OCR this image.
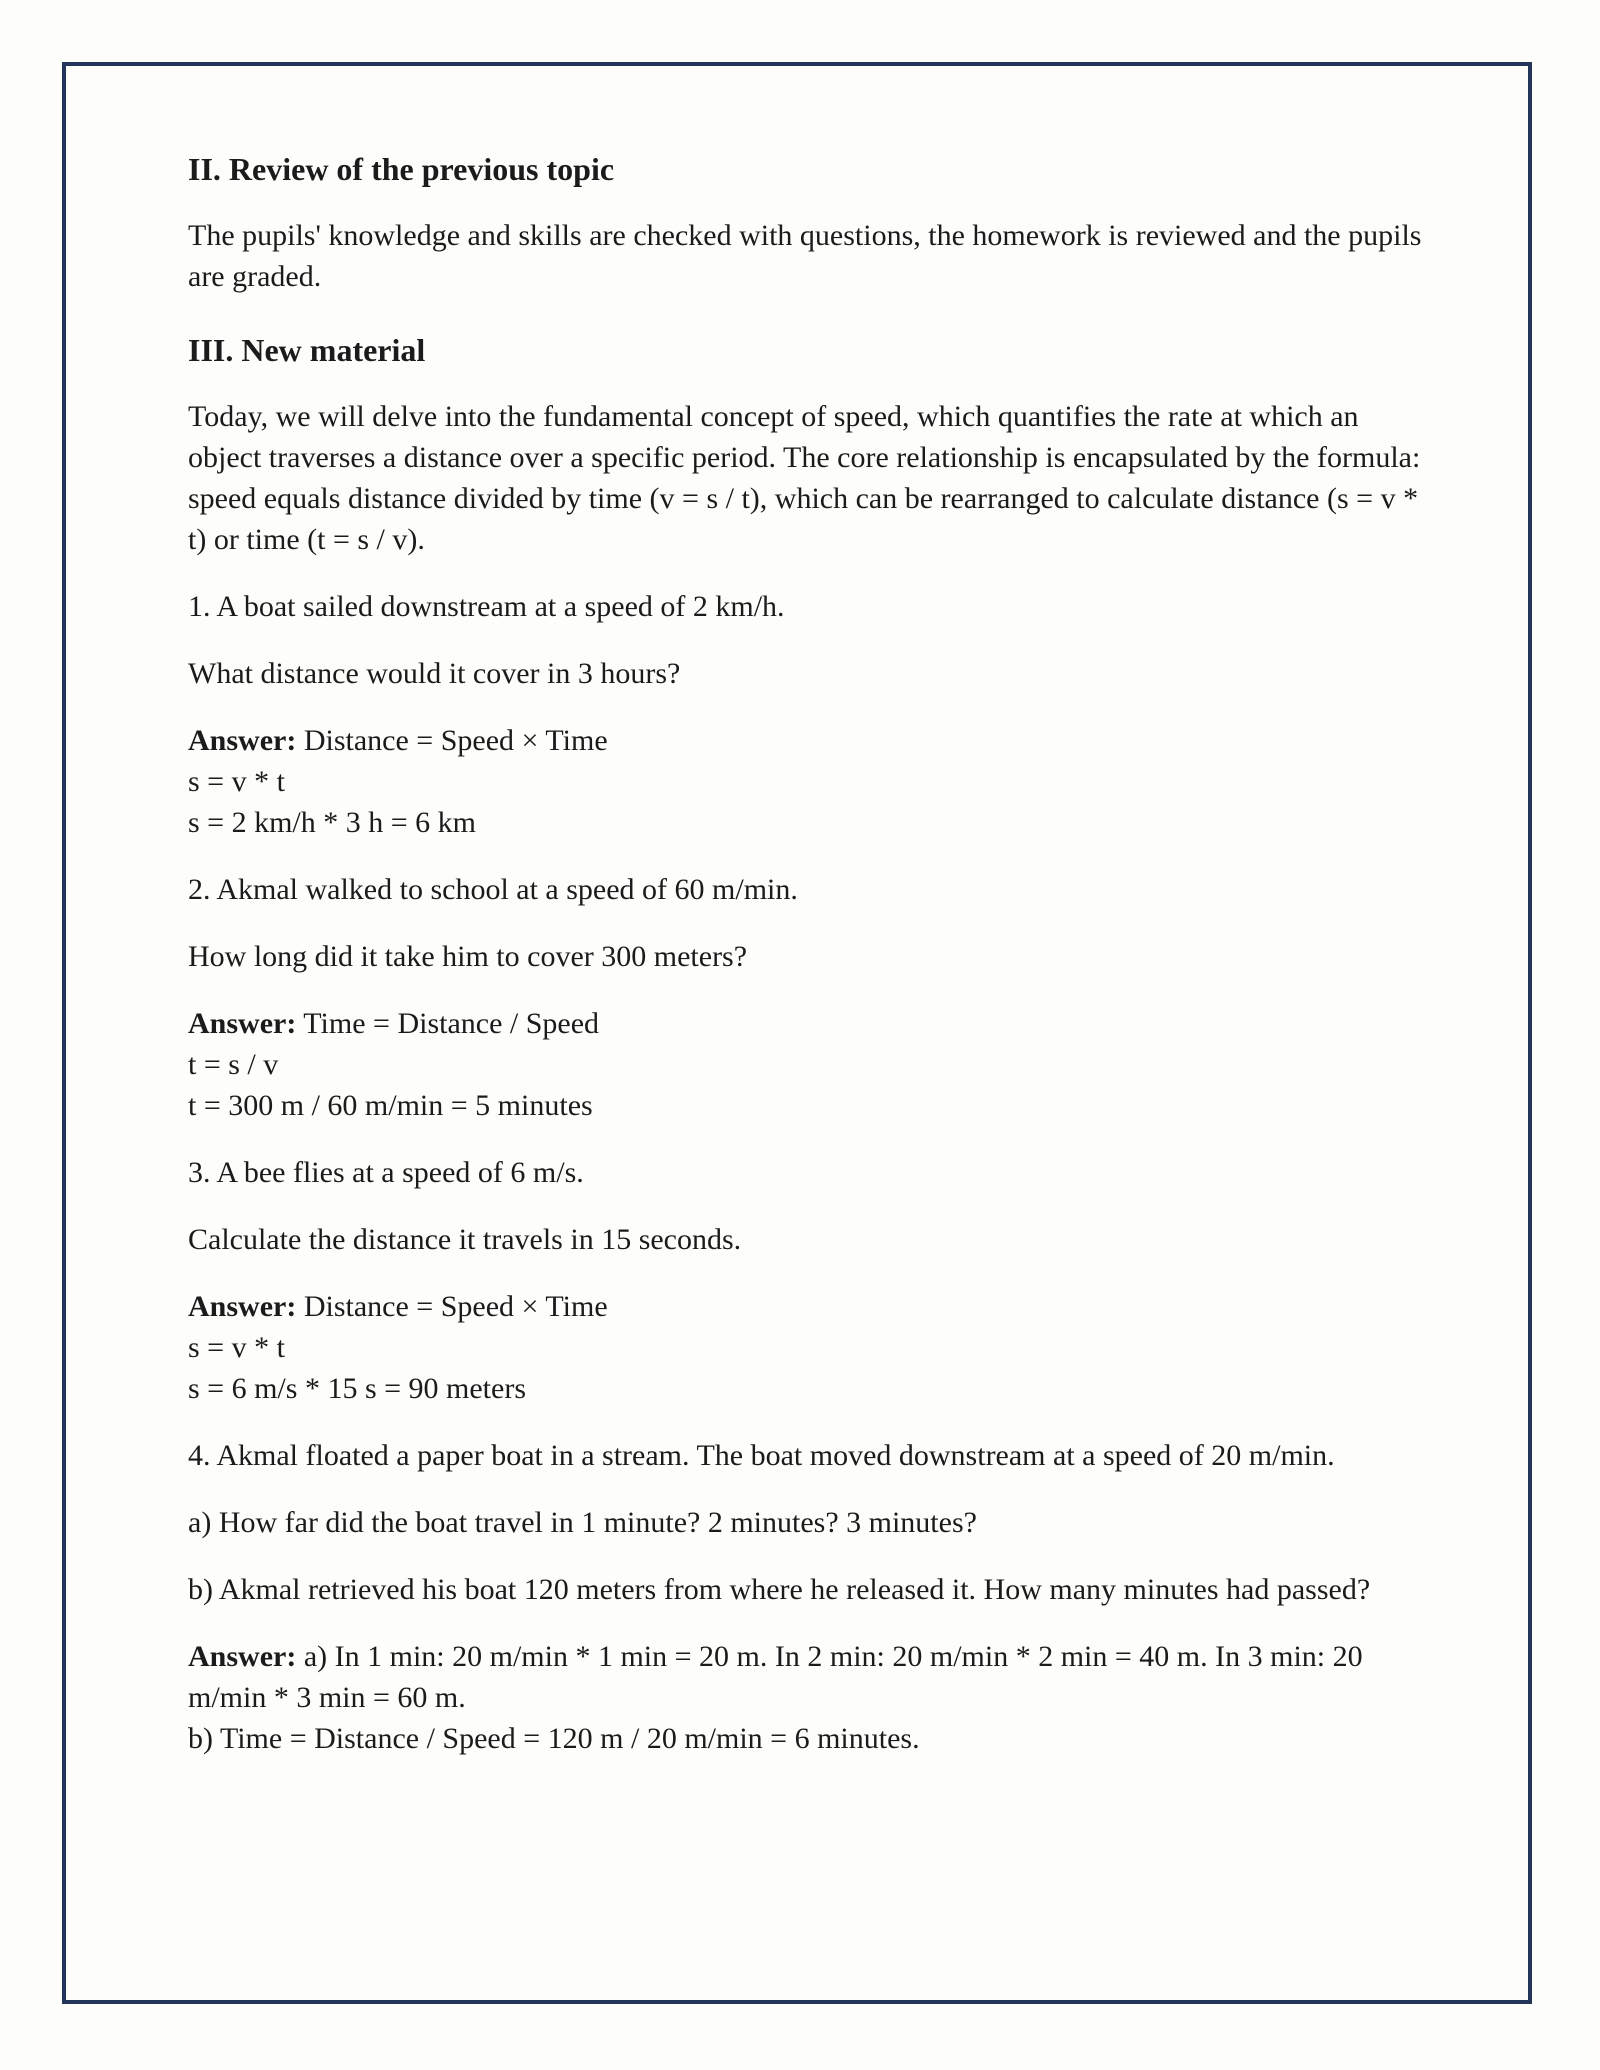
II. Review of the previous topic

The pupils' knowledge and skills are checked with questions, the homework is reviewed and the pupils are graded.

III. New material

Today, we will delve into the fundamental concept of speed, which quantifies the rate at which an object traverses a distance over a specific period. The core relationship is encapsulated by the formula: speed equals distance divided by time (v = s / t), which can be rearranged to calculate distance (s = v * t) or time (t = s / v).

1. A boat sailed downstream at a speed of 2 km/h.

What distance would it cover in 3 hours?

Answer: Distance = Speed × Time

s = v * t

s = 2 km/h * 3 h = 6 km

2. Akmal walked to school at a speed of 60 m/min.

How long did it take him to cover 300 meters?

Answer: Time = Distance / Speed

t = s / v

t = 300 m / 60 m/min = 5 minutes

3. A bee flies at a speed of 6 m/s.

Calculate the distance it travels in 15 seconds.

Answer: Distance = Speed × Time

s = v * t

s = 6 m/s * 15 s = 90 meters

4. Akmal floated a paper boat in a stream. The boat moved downstream at a speed of 20 m/min.

a) How far did the boat travel in 1 minute? 2 minutes? 3 minutes?

b) Akmal retrieved his boat 120 meters from where he released it. How many minutes had passed?

Answer: a) In 1 min: 20 m/min * 1 min = 20 m. In 2 min: 20 m/min * 2 min = 40 m. In 3 min: 20 m/min * 3 min = 60 m.

b) Time = Distance / Speed = 120 m / 20 m/min = 6 minutes.
